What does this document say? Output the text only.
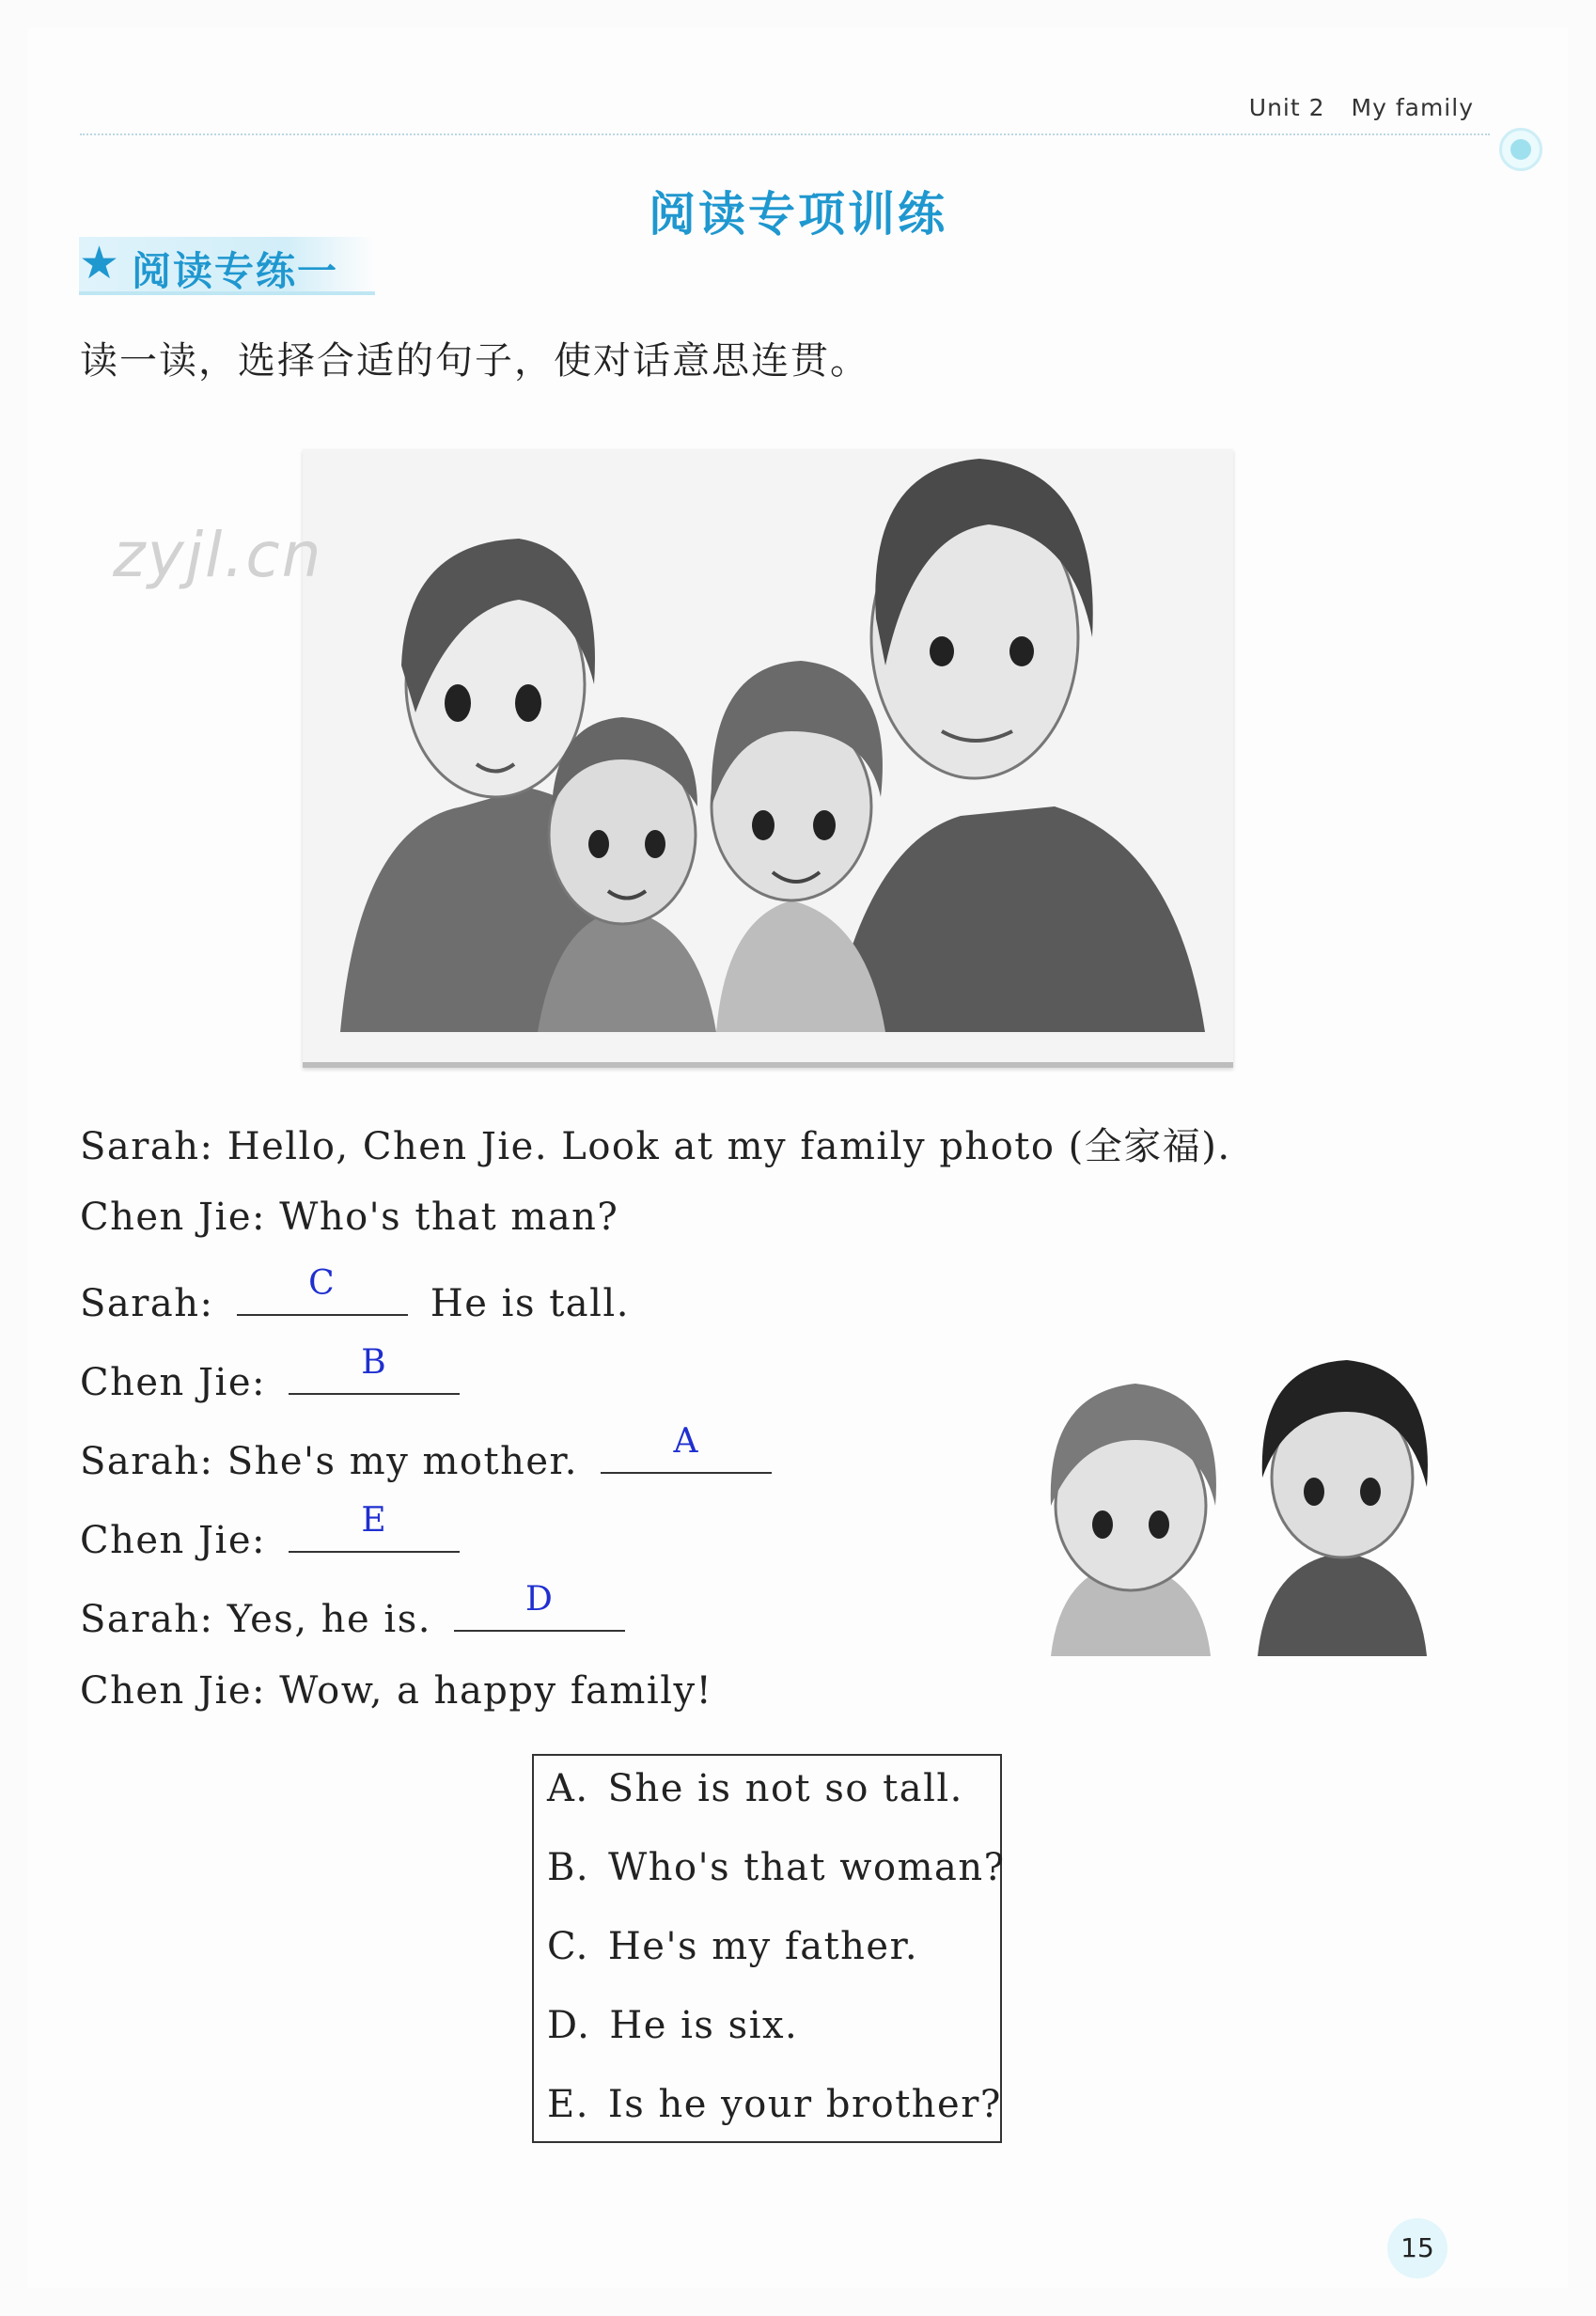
Unit 2 My family
阅读专项训练
★ 阅读专练一
读一读，选择合适的句子，使对话意思连贯。
zyjl.cn
Sarah: Hello, Chen Jie. Look at my family photo (全家福).
Chen Jie: Who's that man?
Sarah:	C	He is tall.
Chen Jie:	B
Sarah: She's my mother.	A
Chen Jie:	E
Sarah: Yes, he is.	D
Chen Jie: Wow, a happy family!
A. She is not so tall.
B. Who's that woman?
C. He's my father.
D. He is six.
E. Is he your brother?
15
